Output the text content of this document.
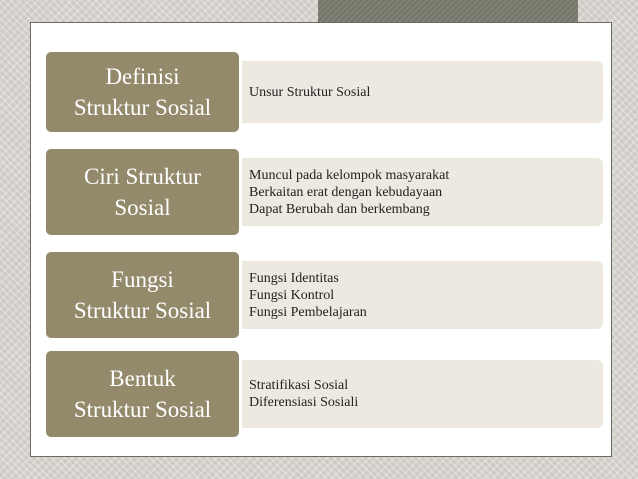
• Unsur Struktur Sosial
Definisi
Struktur Sosial
• Muncul pada kelompok masyarakat
• Berkaitan erat dengan kebudayaan
• Dapat Berubah dan berkembang
Ciri Struktur
Sosial
• Fungsi Identitas
• Fungsi Kontrol
• Fungsi Pembelajaran
Fungsi
Struktur Sosial
• Stratifikasi Sosial
• Diferensiasi Sosiali
Bentuk
Struktur Sosial
